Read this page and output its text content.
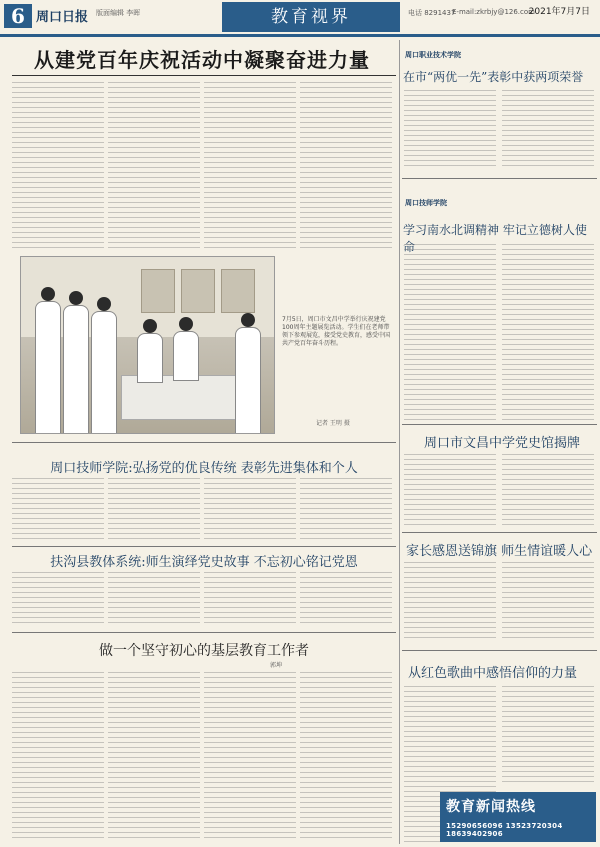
6 周口日报 版面编辑 李晖	教育视界	电话 8291437
E-mail:zkrbjy@126.com
2021年7月7日
从建党百年庆祝活动中凝聚奋进力量
7月5日，周口市文昌中学举行庆祝建党100周年主题展览活动。学生们在老师带领下参观展览，接受党史教育，感受中国共产党百年奋斗历程。
记者 王明 摄
周口技师学院:弘扬党的优良传统 表彰先进集体和个人
扶沟县教体系统:师生演绎党史故事 不忘初心铭记党恩
做一个坚守初心的基层教育工作者
郭坤
周口职业技术学院
在市“两优一先”表彰中获两项荣誉
周口技师学院
学习南水北调精神 牢记立德树人使命
周口市文昌中学党史馆揭牌
家长感恩送锦旗 师生情谊暖人心
从红色歌曲中感悟信仰的力量
教育新闻热线
15290656096 13523720304 18639402906
